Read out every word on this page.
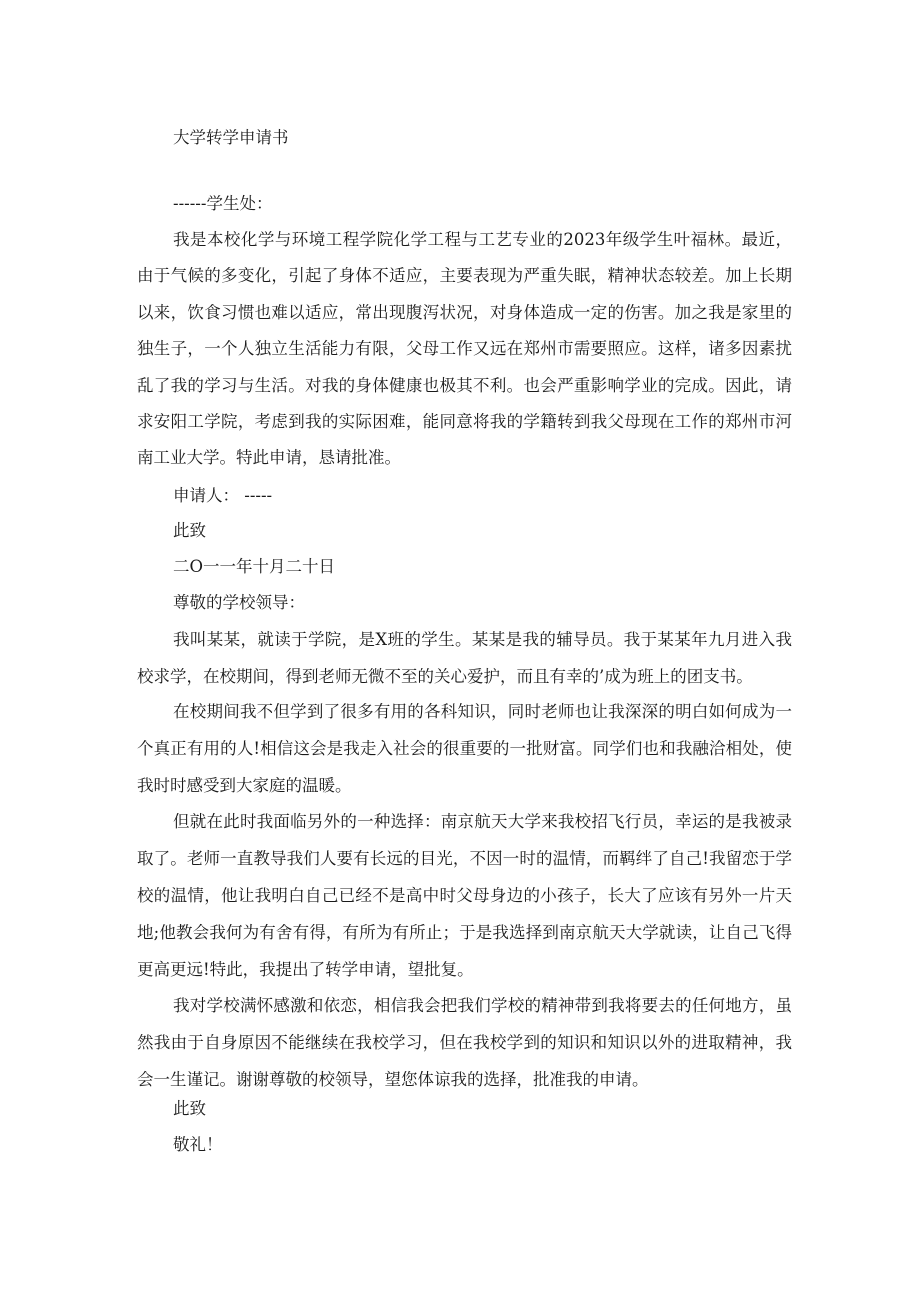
大学转学申请书

------学生处：

我是本校化学与环境工程学院化学工程与工艺专业的2023年级学生叶福林。最近，由于气候的多变化，引起了身体不适应，主要表现为严重失眠，精神状态较差。加上长期以来，饮食习惯也难以适应，常出现腹泻状况，对身体造成一定的伤害。加之我是家里的独生子，一个人独立生活能力有限，父母工作又远在郑州市需要照应。这样，诸多因素扰乱了我的学习与生活。对我的身体健康也极其不利。也会严重影响学业的完成。因此，请求安阳工学院，考虑到我的实际困难，能同意将我的学籍转到我父母现在工作的郑州市河南工业大学。特此申请，恳请批准。

申请人： -----

此致

二O一一年十月二十日

尊敬的学校领导：

我叫某某，就读于学院，是X班的学生。某某是我的辅导员。我于某某年九月进入我校求学，在校期间，得到老师无微不至的关心爱护，而且有幸的’成为班上的团支书。

在校期间我不但学到了很多有用的各科知识，同时老师也让我深深的明白如何成为一个真正有用的人!相信这会是我走入社会的很重要的一批财富。同学们也和我融洽相处，使我时时感受到大家庭的温暖。

但就在此时我面临另外的一种选择：南京航天大学来我校招飞行员，幸运的是我被录取了。老师一直教导我们人要有长远的目光，不因一时的温情，而羁绊了自己!我留恋于学校的温情，他让我明白自己已经不是高中时父母身边的小孩子，长大了应该有另外一片天地;他教会我何为有舍有得，有所为有所止；于是我选择到南京航天大学就读，让自己飞得更高更远!特此，我提出了转学申请，望批复。

我对学校满怀感激和依恋，相信我会把我们学校的精神带到我将要去的任何地方，虽然我由于自身原因不能继续在我校学习，但在我校学到的知识和知识以外的进取精神，我会一生谨记。谢谢尊敬的校领导，望您体谅我的选择，批准我的申请。

此致

敬礼！
